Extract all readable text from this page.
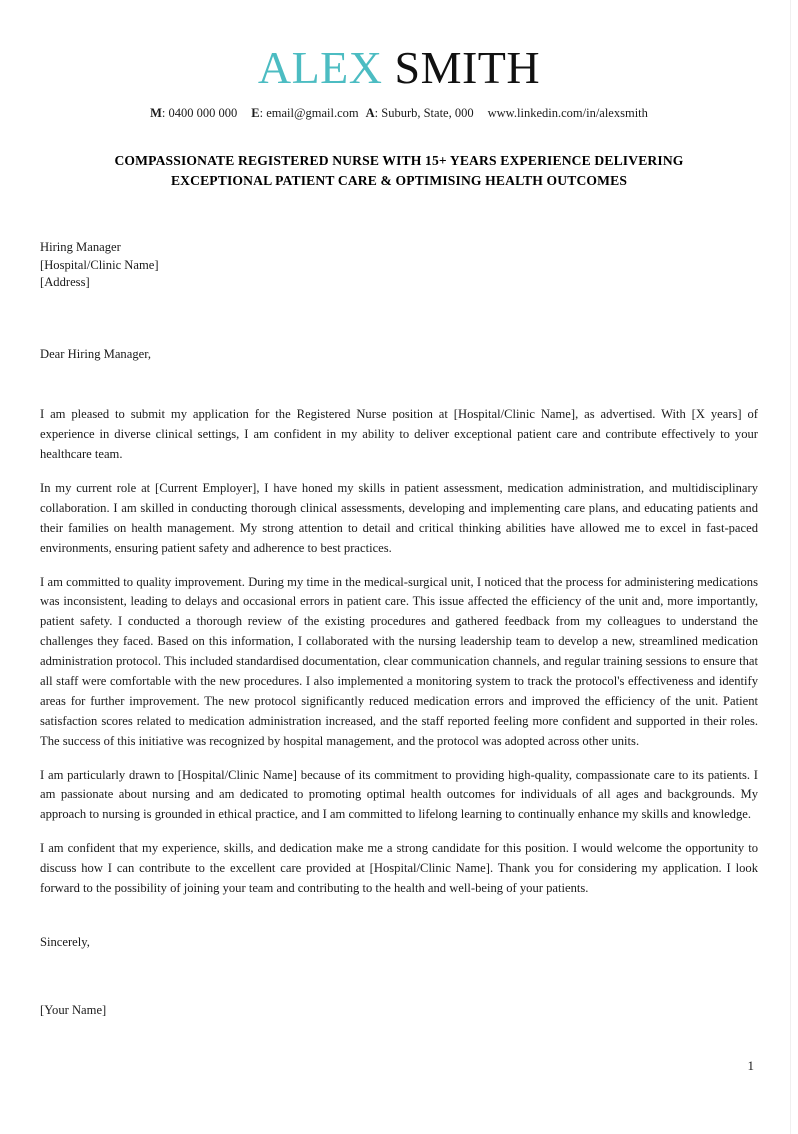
ALEX SMITH
M: 0400 000 000 E: email@gmail.com A: Suburb, State, 000 www.linkedin.com/in/alexsmith
COMPASSIONATE REGISTERED NURSE WITH 15+ YEARS EXPERIENCE DELIVERING
EXCEPTIONAL PATIENT CARE & OPTIMISING HEALTH OUTCOMES
Hiring Manager
[Hospital/Clinic Name]
[Address]
Dear Hiring Manager,

I am pleased to submit my application for the Registered Nurse position at [Hospital/Clinic Name], as advertised. With [X years] of experience in diverse clinical settings, I am confident in my ability to deliver exceptional patient care and contribute effectively to your healthcare team.

In my current role at [Current Employer], I have honed my skills in patient assessment, medication administration, and multidisciplinary collaboration. I am skilled in conducting thorough clinical assessments, developing and implementing care plans, and educating patients and their families on health management. My strong attention to detail and critical thinking abilities have allowed me to excel in fast-paced environments, ensuring patient safety and adherence to best practices.

I am committed to quality improvement. During my time in the medical-surgical unit, I noticed that the process for administering medications was inconsistent, leading to delays and occasional errors in patient care. This issue affected the efficiency of the unit and, more importantly, patient safety. I conducted a thorough review of the existing procedures and gathered feedback from my colleagues to understand the challenges they faced. Based on this information, I collaborated with the nursing leadership team to develop a new, streamlined medication administration protocol. This included standardised documentation, clear communication channels, and regular training sessions to ensure that all staff were comfortable with the new procedures. I also implemented a monitoring system to track the protocol's effectiveness and identify areas for further improvement. The new protocol significantly reduced medication errors and improved the efficiency of the unit. Patient satisfaction scores related to medication administration increased, and the staff reported feeling more confident and supported in their roles. The success of this initiative was recognized by hospital management, and the protocol was adopted across other units.

I am particularly drawn to [Hospital/Clinic Name] because of its commitment to providing high-quality, compassionate care to its patients. I am passionate about nursing and am dedicated to promoting optimal health outcomes for individuals of all ages and backgrounds. My approach to nursing is grounded in ethical practice, and I am committed to lifelong learning to continually enhance my skills and knowledge.

I am confident that my experience, skills, and dedication make me a strong candidate for this position. I would welcome the opportunity to discuss how I can contribute to the excellent care provided at [Hospital/Clinic Name]. Thank you for considering my application. I look forward to the possibility of joining your team and contributing to the health and well-being of your patients.

Sincerely,
[Your Name]
1
